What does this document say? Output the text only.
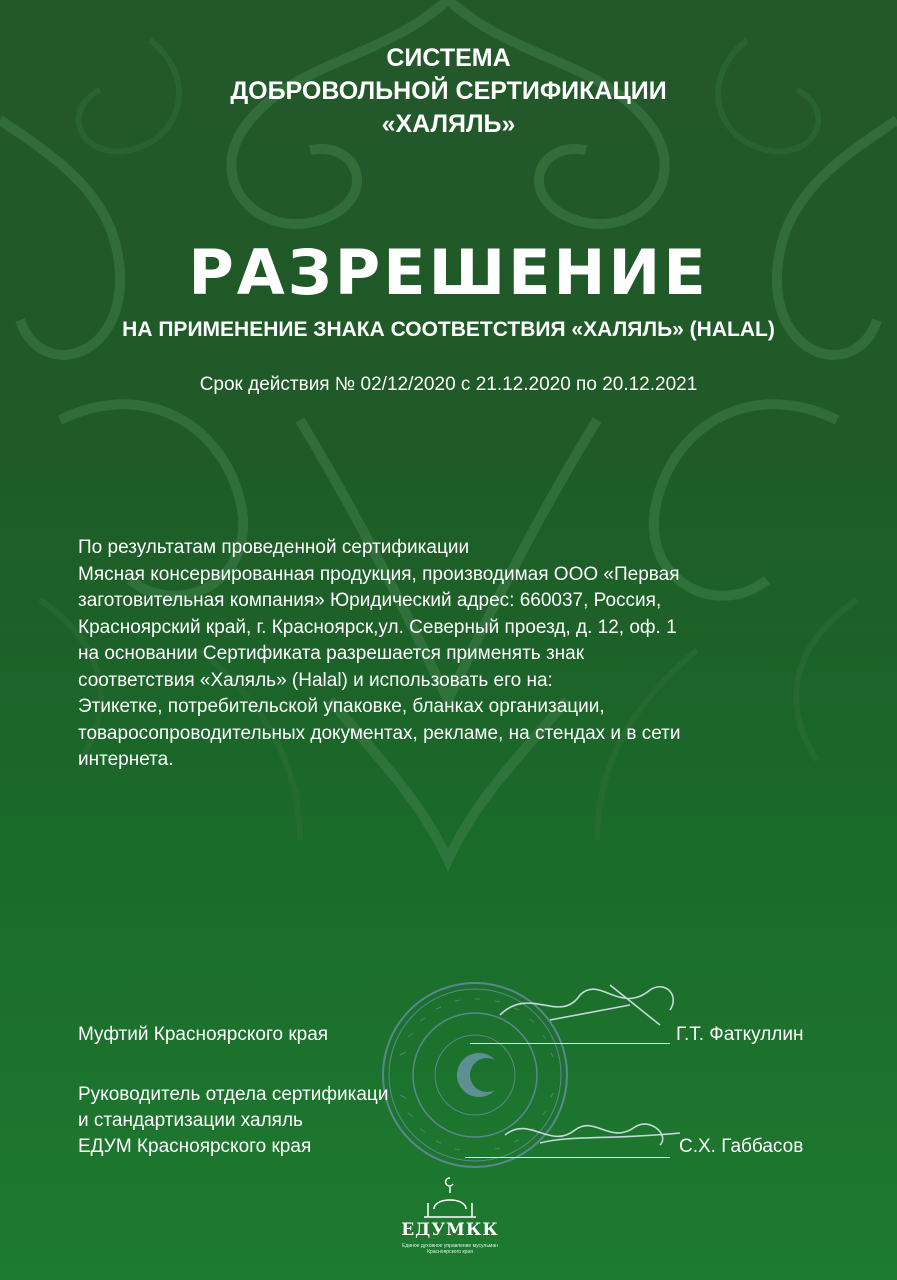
СИСТЕМА
ДОБРОВОЛЬНОЙ СЕРТИФИКАЦИИ
«ХАЛЯЛЬ»
РАЗРЕШЕНИЕ
НА ПРИМЕНЕНИЕ ЗНАКА СООТВЕТСТВИЯ «ХАЛЯЛЬ» (HALAL)
Срок действия № 02/12/2020 с 21.12.2020 по 20.12.2021
По результатам проведенной сертификации
Мясная консервированная продукция, производимая ООО «Первая
заготовительная компания» Юридический адрес: 660037, Россия,
Красноярский край, г. Красноярск,ул. Северный проезд, д. 12, оф. 1
на основании Сертификата разрешается применять знак
соответствия «Халяль» (Halal) и использовать его на:
Этикетке, потребительской упаковке, бланках организации,
товаросопроводительных документах, рекламе, на стендах и в сети
интернета.
Муфтий Красноярского края	Г.Т. Фаткуллин
Руководитель отдела сертификаци
и стандартизации халяль
ЕДУМ Красноярского края	С.Х. Габбасов
ЕДУМКК
Единое духовное управление мусульман
Красноярского края
